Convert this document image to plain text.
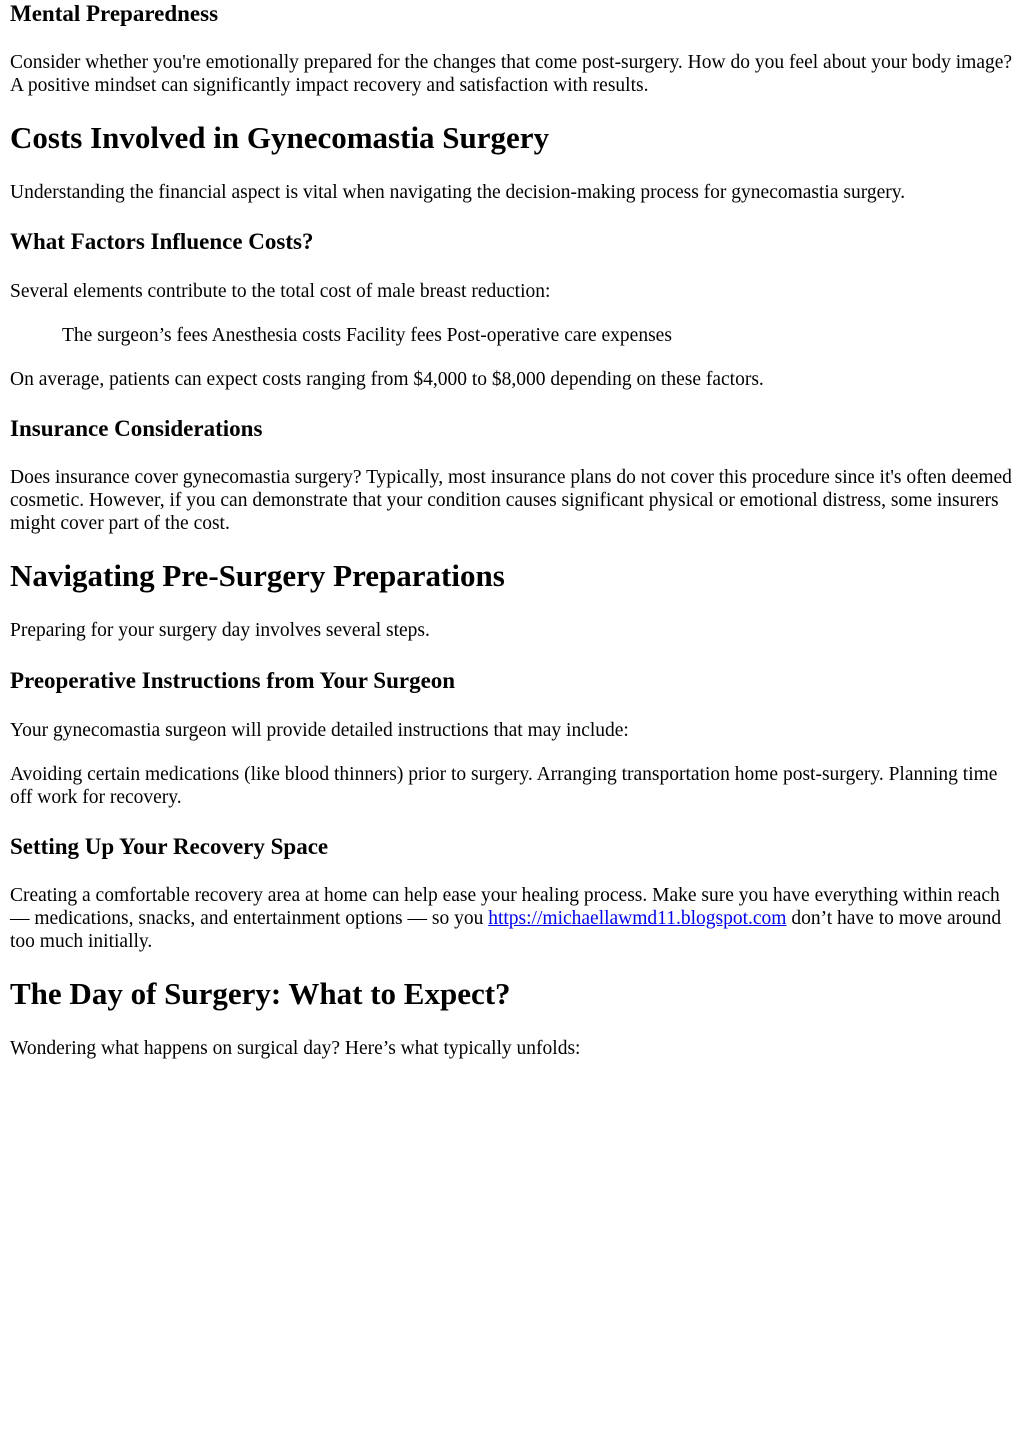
Mental Preparedness

Consider whether you're emotionally prepared for the changes that come post-surgery. How do you feel about your body image? A positive mindset can significantly impact recovery and satisfaction with results.

Costs Involved in Gynecomastia Surgery

Understanding the financial aspect is vital when navigating the decision-making process for gynecomastia surgery.

What Factors Influence Costs?

Several elements contribute to the total cost of male breast reduction:

The surgeon’s fees Anesthesia costs Facility fees Post-operative care expenses

On average, patients can expect costs ranging from $4,000 to $8,000 depending on these factors.

Insurance Considerations

Does insurance cover gynecomastia surgery? Typically, most insurance plans do not cover this procedure since it's often deemed cosmetic. However, if you can demonstrate that your condition causes significant physical or emotional distress, some insurers might cover part of the cost.

Navigating Pre-Surgery Preparations

Preparing for your surgery day involves several steps.

Preoperative Instructions from Your Surgeon

Your gynecomastia surgeon will provide detailed instructions that may include:

Avoiding certain medications (like blood thinners) prior to surgery. Arranging transportation home post-surgery. Planning time off work for recovery.

Setting Up Your Recovery Space

Creating a comfortable recovery area at home can help ease your healing process. Make sure you have everything within reach — medications, snacks, and entertainment options — so you https://michaellawmd11.blogspot.com don’t have to move around too much initially.

The Day of Surgery: What to Expect?

Wondering what happens on surgical day? Here’s what typically unfolds:
